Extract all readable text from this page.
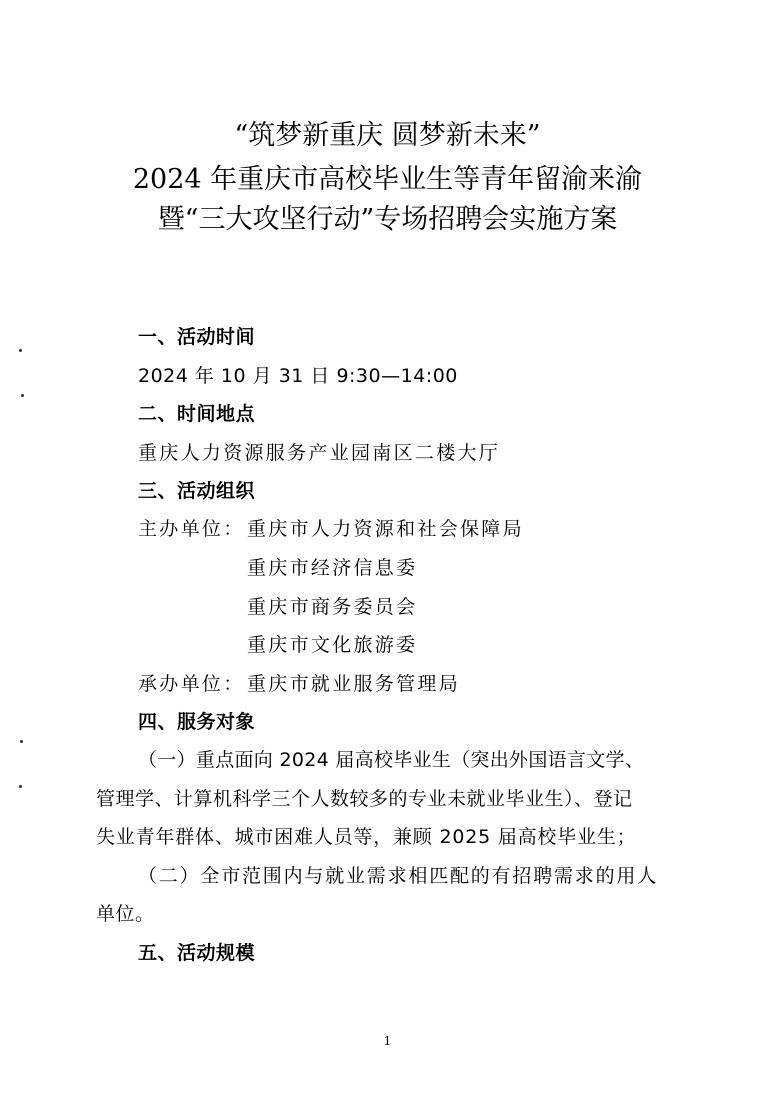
“筑梦新重庆 圆梦新未来”
2024 年重庆市高校毕业生等青年留渝来渝
暨“三大攻坚行动”专场招聘会实施方案
一、活动时间
2024 年 10 月 31 日 9:30—14:00
二、时间地点
重庆人力资源服务产业园南区二楼大厅
三、活动组织
主办单位： 重庆市人力资源和社会保障局
重庆市经济信息委
重庆市商务委员会
重庆市文化旅游委
承办单位： 重庆市就业服务管理局
四、服务对象
（一）重点面向 2024 届高校毕业生（突出外国语言文学、
管理学、计算机科学三个人数较多的专业未就业毕业生）、登记
失业青年群体、城市困难人员等，兼顾 2025 届高校毕业生；
（二）全市范围内与就业需求相匹配的有招聘需求的用人
单位。
五、活动规模
1
